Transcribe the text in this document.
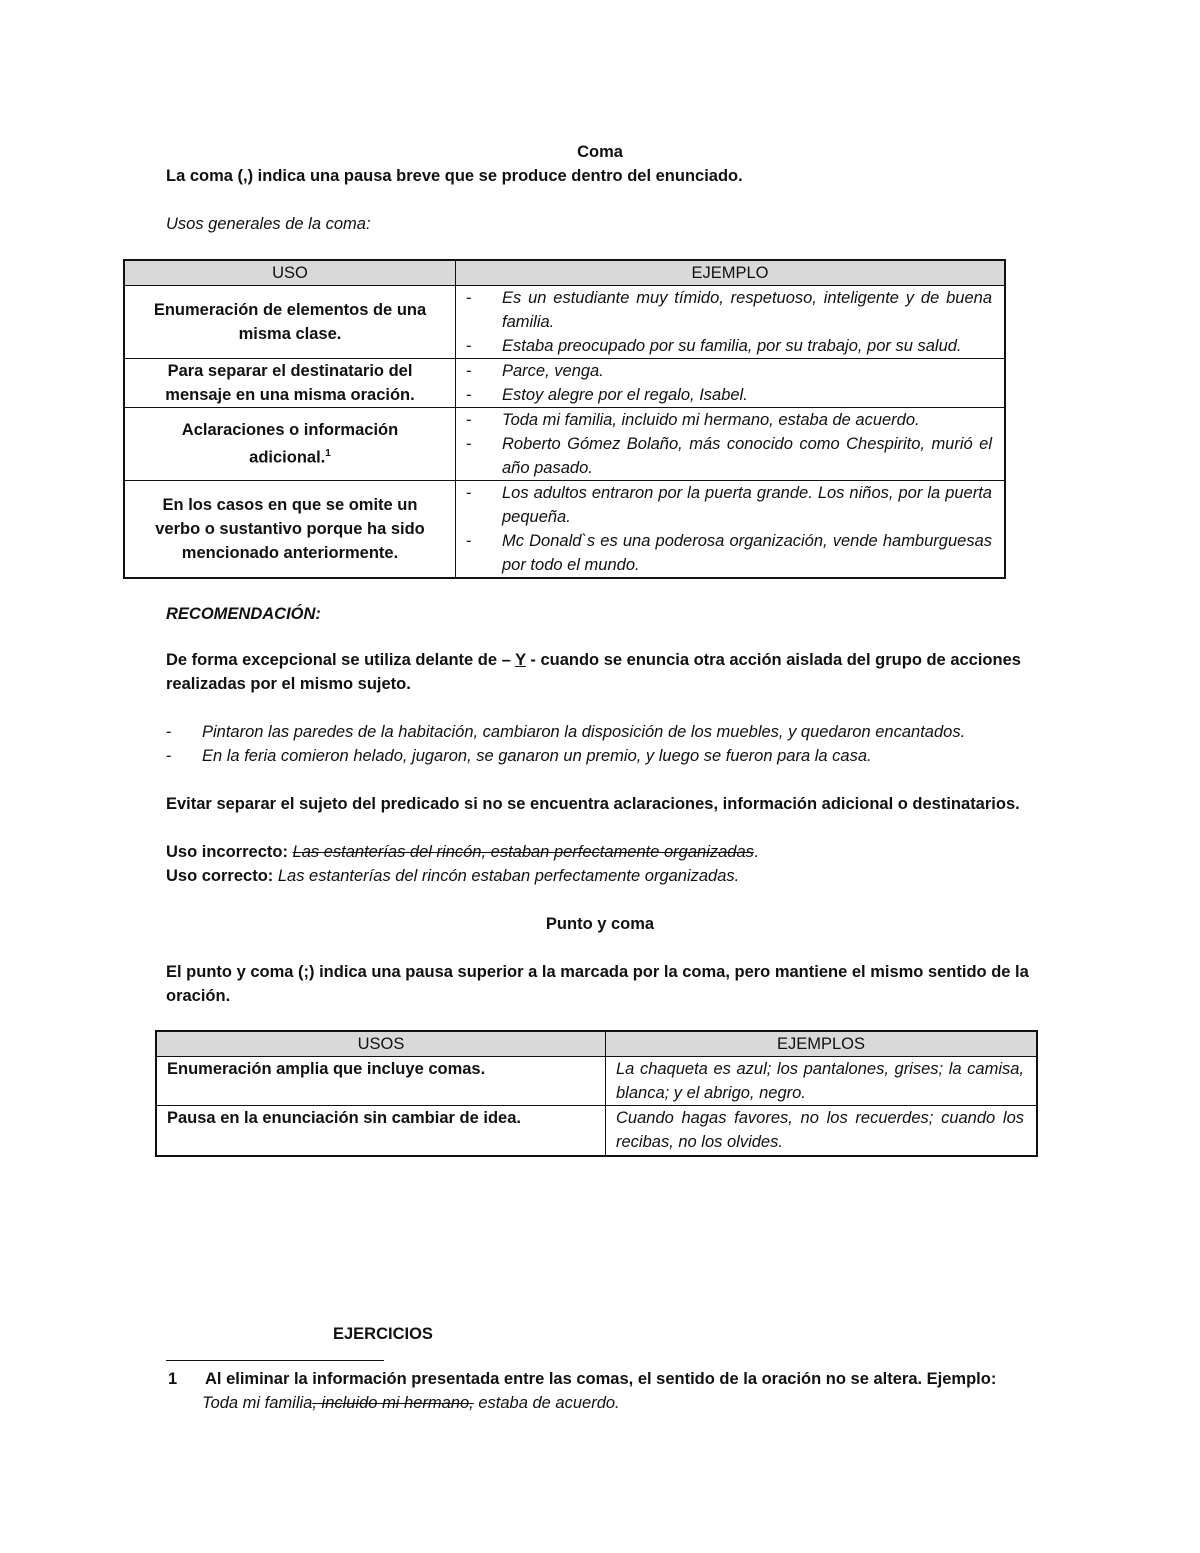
Coma
La coma (,) indica una pausa breve que se produce dentro del enunciado.
Usos generales de la coma:
USO	EJEMPLO
Enumeración de elementos de una misma clase.	- Es un estudiante muy tímido, respetuoso, inteligente y de buena familia.
- Estaba preocupado por su familia, por su trabajo, por su salud.

Para separar el destinatario del mensaje en una misma oración.	- Parce, venga.
- Estoy alegre por el regalo, Isabel.

Aclaraciones o información adicional.$^1$	- Toda mi familia, incluido mi hermano, estaba de acuerdo.
- Roberto Gómez Bolaño, más conocido como Chespirito, murió el año pasado.

En los casos en que se omite un verbo o sustantivo porque ha sido mencionado anteriormente.	- Los adultos entraron por la puerta grande. Los niños, por la puerta pequeña.
- Mc Donald`s es una poderosa organización, vende hamburguesas por todo el mundo.
RECOMENDACIÓN:
De forma excepcional se utiliza delante de – Y - cuando se enuncia otra acción aislada del grupo de acciones realizadas por el mismo sujeto.
-	Pintaron las paredes de la habitación, cambiaron la disposición de los muebles, y quedaron encantados.
-	En la feria comieron helado, jugaron, se ganaron un premio, y luego se fueron para la casa.
Evitar separar el sujeto del predicado si no se encuentra aclaraciones, información adicional o destinatarios.
Uso incorrecto: Las estanterías del rincón, estaban perfectamente organizadas.
Uso correcto: Las estanterías del rincón estaban perfectamente organizadas.
Punto y coma
El punto y coma (;) indica una pausa superior a la marcada por la coma, pero mantiene el mismo sentido de la oración.
USOS	EJEMPLOS
Enumeración amplia que incluye comas.	La chaqueta es azul; los pantalones, grises; la camisa, blanca; y el abrigo, negro.
Pausa en la enunciación sin cambiar de idea.	Cuando hagas favores, no los recuerdes; cuando los recibas, no los olvides.
EJERCICIOS
1 Al eliminar la información presentada entre las comas, el sentido de la oración no se altera. Ejemplo:
Toda mi familia, incluido mi hermano, estaba de acuerdo.
